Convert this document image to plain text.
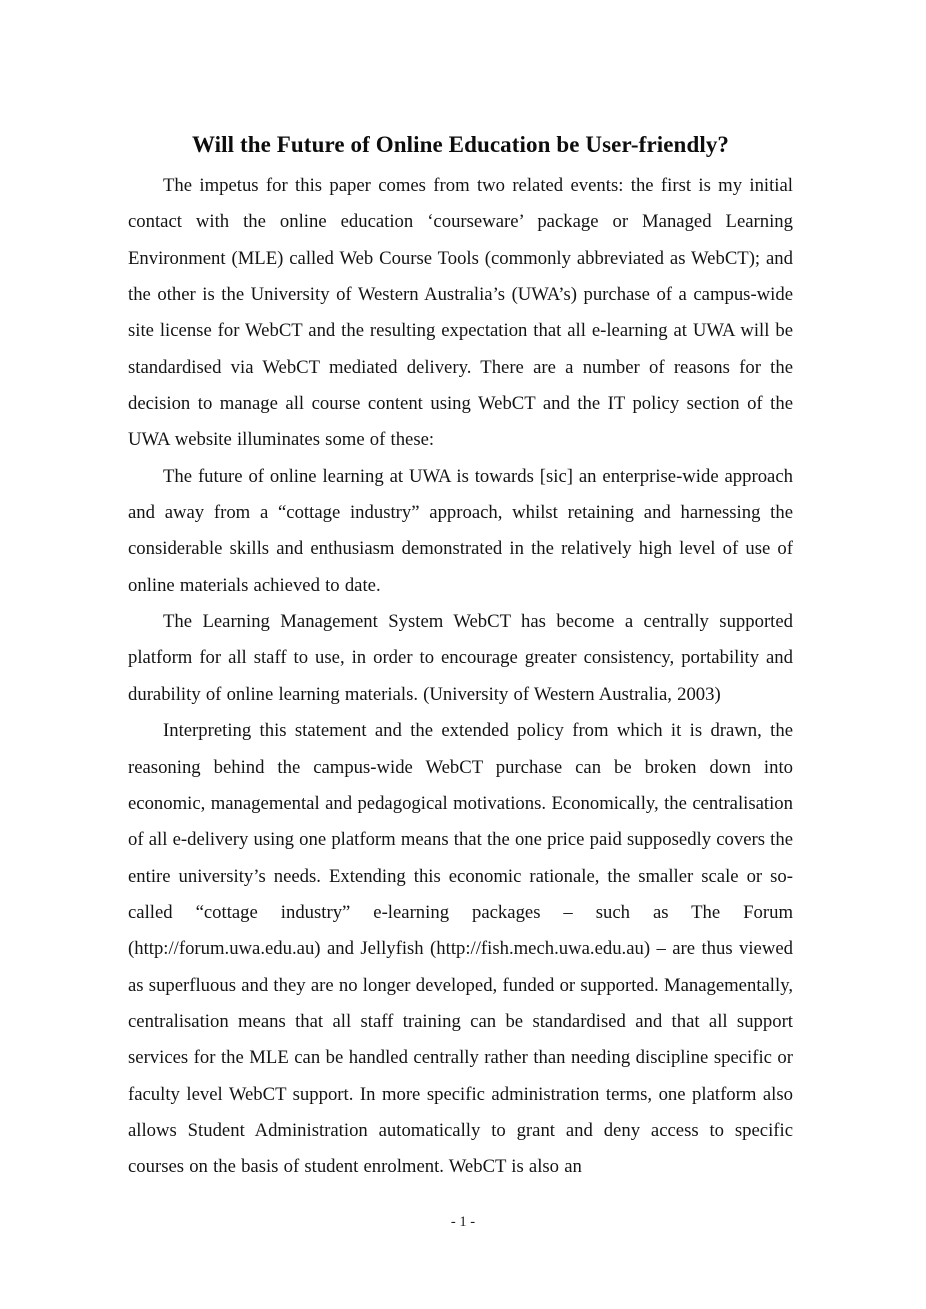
Will the Future of Online Education be User-friendly?

The impetus for this paper comes from two related events: the first is my initial contact with the online education ‘courseware’ package or Managed Learning Environment (MLE) called Web Course Tools (commonly abbreviated as WebCT); and the other is the University of Western Australia’s (UWA’s) purchase of a campus-wide site license for WebCT and the resulting expectation that all e-learning at UWA will be standardised via WebCT mediated delivery. There are a number of reasons for the decision to manage all course content using WebCT and the IT policy section of the UWA website illuminates some of these:

The future of online learning at UWA is towards [sic] an enterprise-wide approach and away from a “cottage industry” approach, whilst retaining and harnessing the considerable skills and enthusiasm demonstrated in the relatively high level of use of online materials achieved to date.

The Learning Management System WebCT has become a centrally supported platform for all staff to use, in order to encourage greater consistency, portability and durability of online learning materials. (University of Western Australia, 2003)

Interpreting this statement and the extended policy from which it is drawn, the reasoning behind the campus-wide WebCT purchase can be broken down into economic, managemental and pedagogical motivations. Economically, the centralisation of all e-delivery using one platform means that the one price paid supposedly covers the entire university’s needs. Extending this economic rationale, the smaller scale or so-called “cottage industry” e-learning packages – such as The Forum (http://forum.uwa.edu.au) and Jellyfish (http://fish.mech.uwa.edu.au) – are thus viewed as superfluous and they are no longer developed, funded or supported. Managementally, centralisation means that all staff training can be standardised and that all support services for the MLE can be handled centrally rather than needing discipline specific or faculty level WebCT support. In more specific administration terms, one platform also allows Student Administration automatically to grant and deny access to specific courses on the basis of student enrolment. WebCT is also an

- 1 -
